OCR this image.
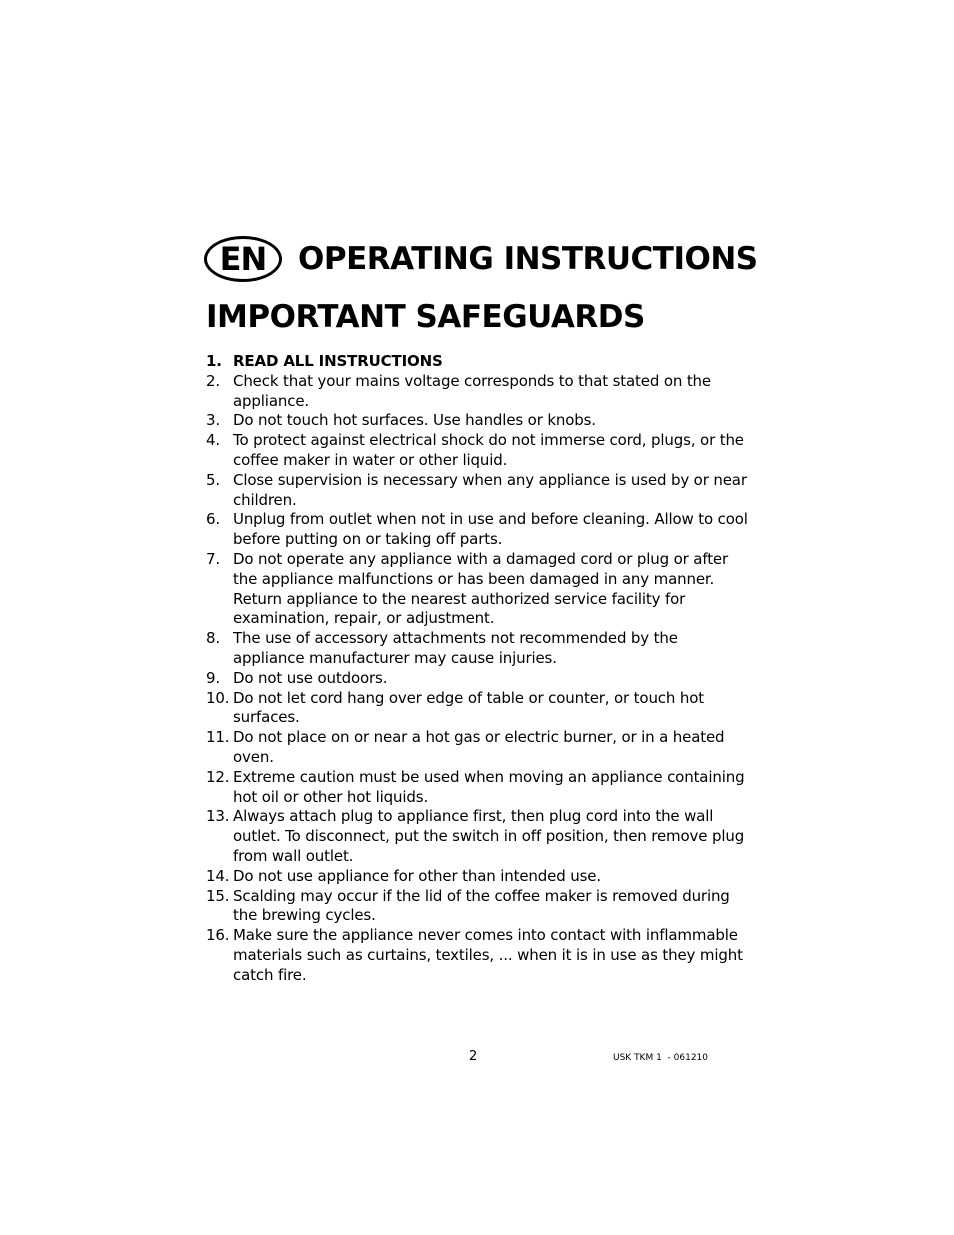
EN	OPERATING INSTRUCTIONS
IMPORTANT SAFEGUARDS
1. READ ALL INSTRUCTIONS
2. Check that your mains voltage corresponds to that stated on the appliance.
3. Do not touch hot surfaces. Use handles or knobs.
4. To protect against electrical shock do not immerse cord, plugs, or the coffee maker in water or other liquid.
5. Close supervision is necessary when any appliance is used by or near children.
6. Unplug from outlet when not in use and before cleaning. Allow to cool before putting on or taking off parts.
7. Do not operate any appliance with a damaged cord or plug or after the appliance malfunctions or has been damaged in any manner. Return appliance to the nearest authorized service facility for examination, repair, or adjustment.
8. The use of accessory attachments not recommended by the appliance manufacturer may cause injuries.
9. Do not use outdoors.
10. Do not let cord hang over edge of table or counter, or touch hot surfaces.
11. Do not place on or near a hot gas or electric burner, or in a heated oven.
12. Extreme caution must be used when moving an appliance containing hot oil or other hot liquids.
13. Always attach plug to appliance first, then plug cord into the wall outlet. To disconnect, put the switch in off position, then remove plug from wall outlet.
14. Do not use appliance for other than intended use.
15. Scalding may occur if the lid of the coffee maker is removed during the brewing cycles.
16. Make sure the appliance never comes into contact with inflammable materials such as curtains, textiles, ... when it is in use as they might catch fire.
2	USK TKM 1  - 061210
